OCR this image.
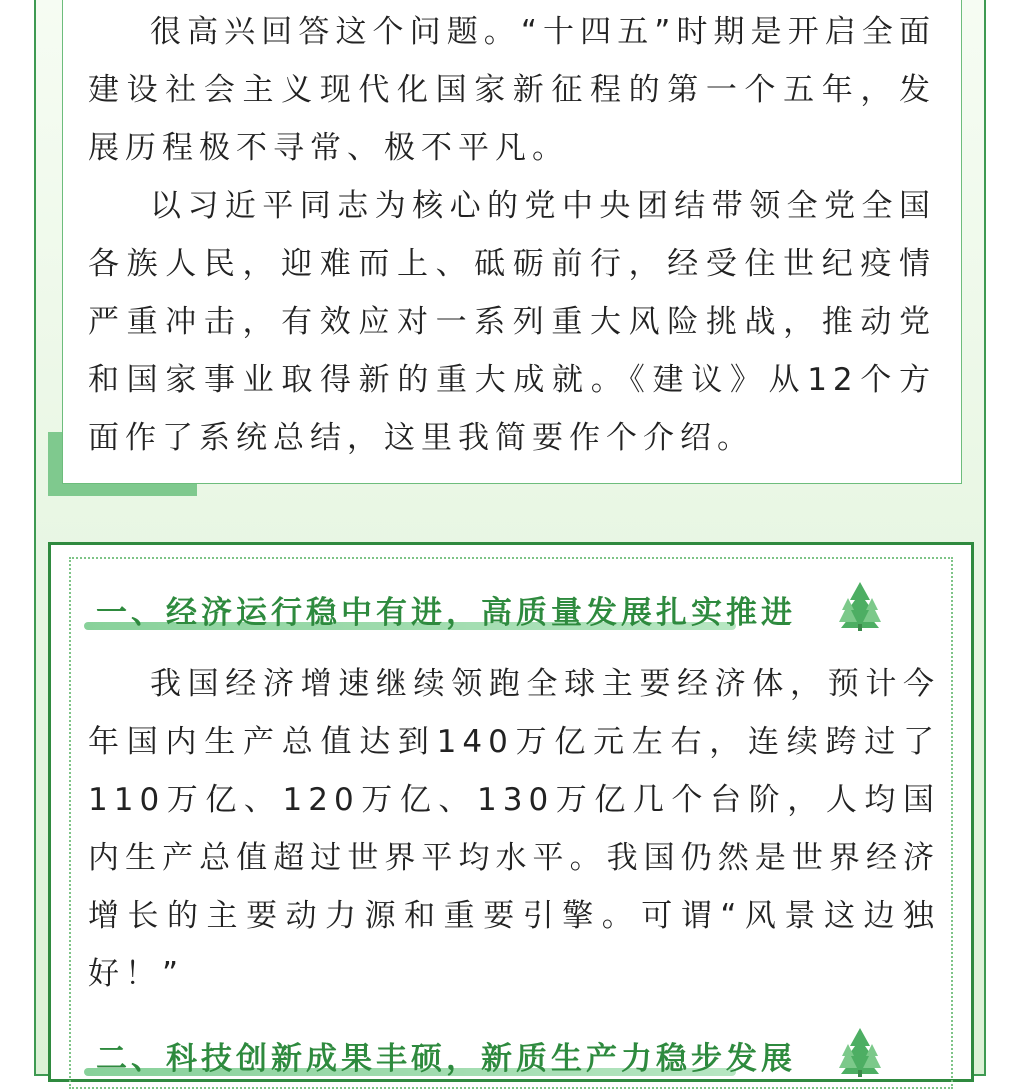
很高兴回答这个问题。“十四五”时期是开启全面建设社会主义现代化国家新征程的第一个五年，发展历程极不寻常、极不平凡。

以习近平同志为核心的党中央团结带领全党全国各族人民，迎难而上、砥砺前行，经受住世纪疫情严重冲击，有效应对一系列重大风险挑战，推动党和国家事业取得新的重大成就。《建议》从12个方面作了系统总结，这里我简要作个介绍。

一、经济运行稳中有进，高质量发展扎实推进

我国经济增速继续领跑全球主要经济体，预计今年国内生产总值达到140万亿元左右，连续跨过了110万亿、120万亿、130万亿几个台阶，人均国内生产总值超过世界平均水平。我国仍然是世界经济增长的主要动力源和重要引擎。可谓“风景这边独好！”

二、科技创新成果丰硕，新质生产力稳步发展
